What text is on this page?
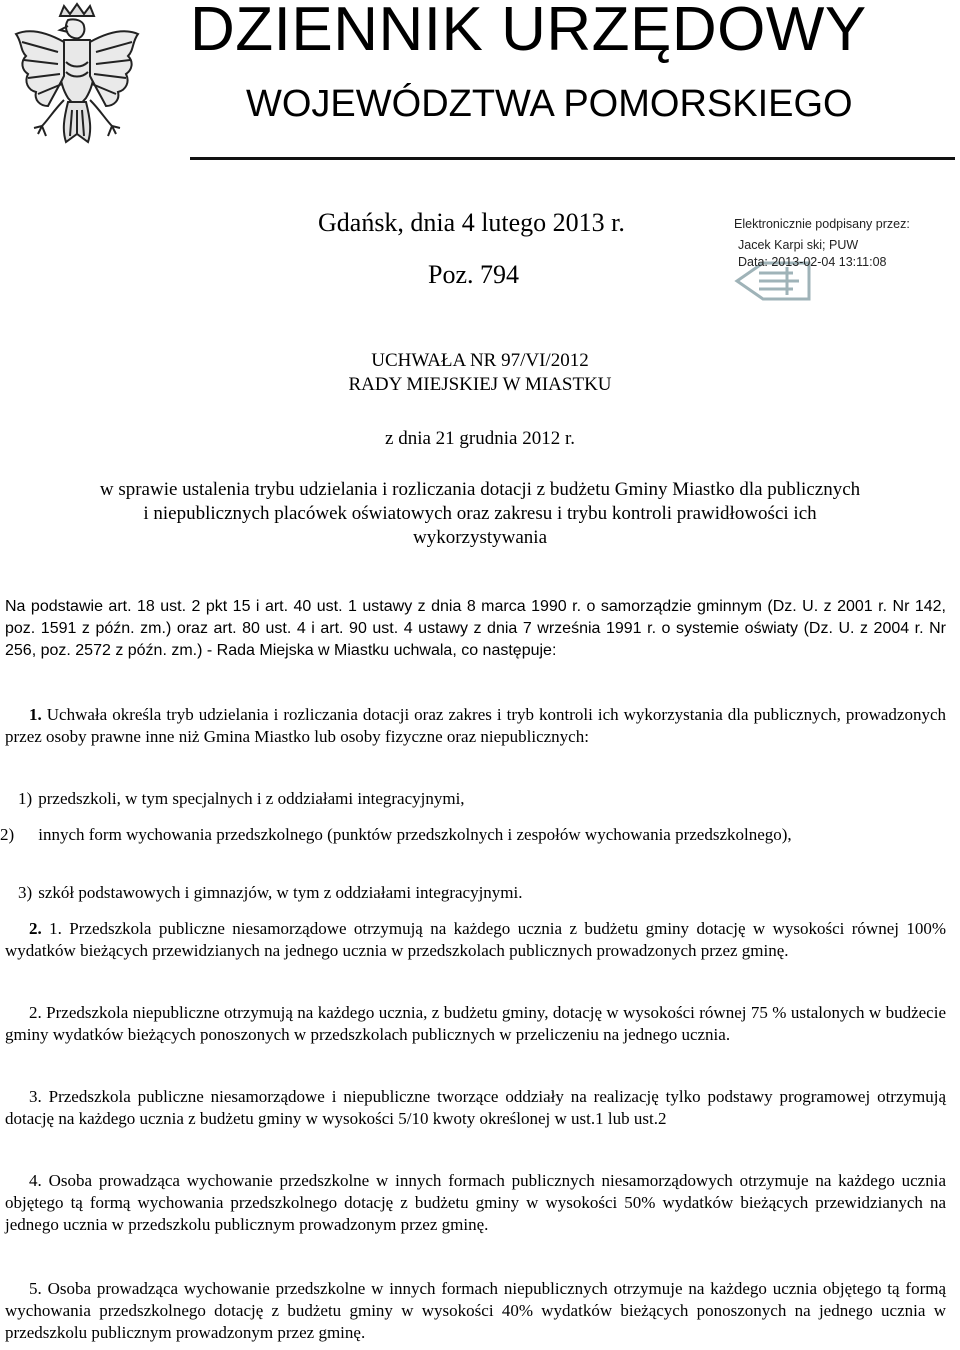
DZIENNIK URZĘDOWY
WOJEWÓDZTWA POMORSKIEGO
Gdańsk, dnia 4 lutego 2013 r.
Poz. 794
Elektronicznie podpisany przez:
Jacek Karpi ski; PUW
Data: 2013-02-04 13:11:08
UCHWAŁA NR 97/VI/2012
RADY MIEJSKIEJ W MIASTKU
z dnia 21 grudnia 2012 r.
w sprawie ustalenia trybu udzielania i rozliczania dotacji z budżetu Gminy Miastko dla publicznych
i niepublicznych placówek oświatowych oraz zakresu i trybu kontroli prawidłowości ich
wykorzystywania
Na podstawie art. 18 ust. 2 pkt 15 i art. 40 ust. 1 ustawy z dnia 8 marca 1990 r. o samorządzie gminnym (Dz. U. z 2001 r. Nr 142, poz. 1591 z późn. zm.) oraz art. 80 ust. 4 i art. 90 ust. 4 ustawy z dnia 7 września 1991 r. o systemie oświaty (Dz. U. z 2004 r. Nr 256, poz. 2572 z późn. zm.) - Rada Miejska w Miastku uchwala, co następuje:
1. Uchwała określa tryb udzielania i rozliczania dotacji oraz zakres i tryb kontroli ich wykorzystania dla publicznych, prowadzonych przez osoby prawne inne niż Gmina Miastko lub osoby fizyczne oraz niepublicznych:
1) przedszkoli, w tym specjalnych i z oddziałami integracyjnymi,
2) innych form wychowania przedszkolnego (punktów przedszkolnych i zespołów wychowania przedszkolnego),
3) szkół podstawowych i gimnazjów, w tym z oddziałami integracyjnymi.
2. 1. Przedszkola publiczne niesamorządowe otrzymują na każdego ucznia z budżetu gminy dotację w wysokości równej 100% wydatków bieżących przewidzianych na jednego ucznia w przedszkolach publicznych prowadzonych przez gminę.
2. Przedszkola niepubliczne otrzymują na każdego ucznia, z budżetu gminy, dotację w wysokości równej 75 % ustalonych w budżecie gminy wydatków bieżących ponoszonych w przedszkolach publicznych w przeliczeniu na jednego ucznia.
3. Przedszkola publiczne niesamorządowe i niepubliczne tworzące oddziały na realizację tylko podstawy programowej otrzymują dotację na każdego ucznia z budżetu gminy w wysokości 5/10 kwoty określonej w ust.1 lub ust.2
4. Osoba prowadząca wychowanie przedszkolne w innych formach publicznych niesamorządowych otrzymuje na każdego ucznia objętego tą formą wychowania przedszkolnego dotację z budżetu gminy w wysokości 50% wydatków bieżących przewidzianych na jednego ucznia w przedszkolu publicznym prowadzonym przez gminę.
5. Osoba prowadząca wychowanie przedszkolne w innych formach niepublicznych otrzymuje na każdego ucznia objętego tą formą wychowania przedszkolnego dotację z budżetu gminy w wysokości 40% wydatków bieżących ponoszonych na jednego ucznia w przedszkolu publicznym prowadzonym przez gminę.
